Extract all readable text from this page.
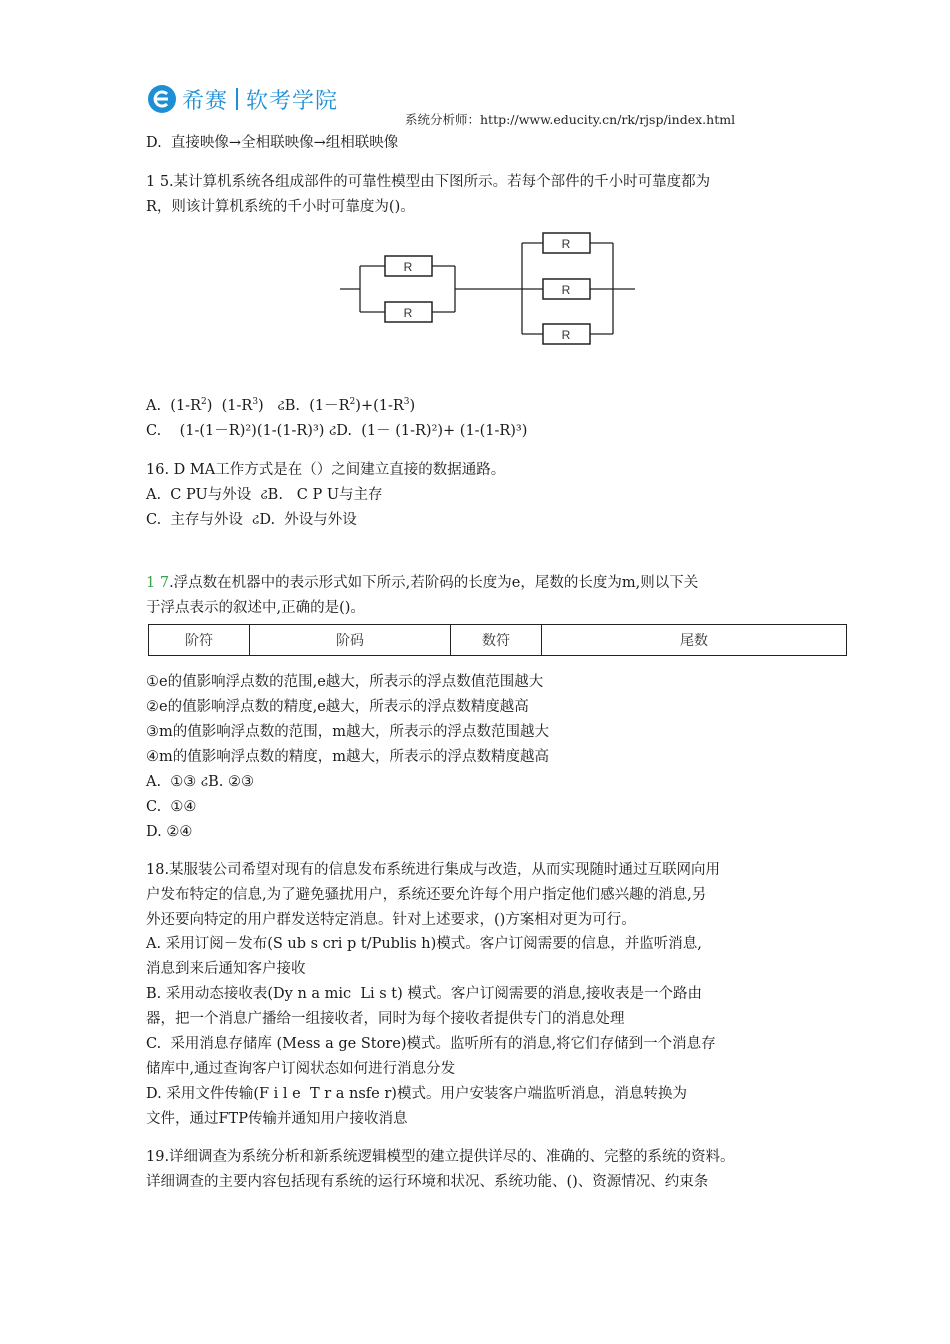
希赛 软考学院
系统分析师：http://www.educity.cn/rk/rjsp/index.html
D.  直接映像→全相联映像→组相联映像
1 5.某计算机系统各组成部件的可靠性模型由下图所示。若每个部件的千小时可靠度都为
R，则该计算机系统的千小时可靠度为()。
R
R
R
R
R
A.  $(1-R^2)$  $(1-R^3)$   ઢB.  $(1-R^2)+(1-R^3)$
C.    (1-(1－R)²)(1-(1-R)³) ઢD.  (1－ (1-R)²)+ (1-(1-R)³)
16. D MA工作方式是在（）之间建立直接的数据通路。
A.  C PU与外设  ઢB.   C P U与主存
C.  主存与外设  ઢD.  外设与外设
1 7.浮点数在机器中的表示形式如下所示,若阶码的长度为e，尾数的长度为m,则以下关
于浮点表示的叙述中,正确的是()。
阶符	阶码	数符	尾数
①e的值影响浮点数的范围,e越大，所表示的浮点数值范围越大
②e的值影响浮点数的精度,e越大，所表示的浮点数精度越高
③m的值影响浮点数的范围，m越大，所表示的浮点数范围越大
④m的值影响浮点数的精度，m越大，所表示的浮点数精度越高
A.  ①③ ઢB. ②③
C.  ①④
D. ②④
18.某服装公司希望对现有的信息发布系统进行集成与改造，从而实现随时通过互联网向用
户发布特定的信息,为了避免骚扰用户，系统还要允许每个用户指定他们感兴趣的消息,另
外还要向特定的用户群发送特定消息。针对上述要求，()方案相对更为可行。
A. 采用订阅－发布(S ub s cri p t/Publis h)模式。客户订阅需要的信息，并监听消息,
消息到来后通知客户接收
B. 采用动态接收表(Dy n a mic  Li s t) 模式。客户订阅需要的消息,接收表是一个路由
器，把一个消息广播给一组接收者，同时为每个接收者提供专门的消息处理
C.  采用消息存储库 (Mess a ge Store)模式。监听所有的消息,将它们存储到一个消息存
储库中,通过查询客户订阅状态如何进行消息分发
D. 采用文件传输(F i l e  T r a nsfe r)模式。用户安装客户端监听消息，消息转换为
文件，通过FTP传输并通知用户接收消息
19.详细调查为系统分析和新系统逻辑模型的建立提供详尽的、准确的、完整的系统的资料。
详细调查的主要内容包括现有系统的运行环境和状况、系统功能、()、资源情况、约束条
